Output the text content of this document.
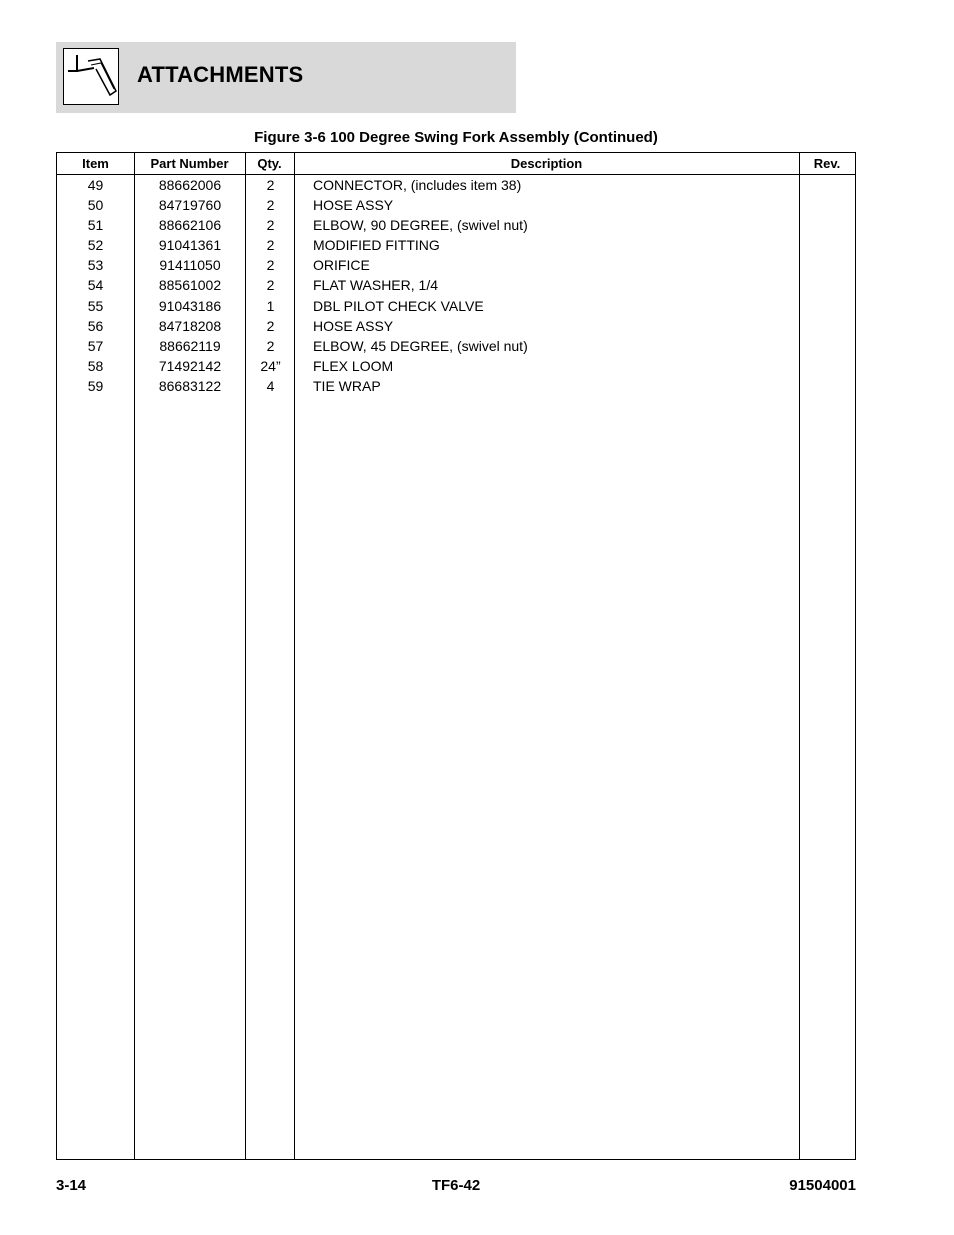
ATTACHMENTS
Figure 3-6 100 Degree Swing Fork Assembly (Continued)
Item	Part Number	Qty.	Description	Rev.
49	88662006	2	CONNECTOR, (includes item 38)
50	84719760	2	HOSE ASSY
51	88662106	2	ELBOW, 90 DEGREE, (swivel nut)
52	91041361	2	MODIFIED FITTING
53	91411050	2	ORIFICE
54	88561002	2	FLAT WASHER, 1/4
55	91043186	1	DBL PILOT CHECK VALVE
56	84718208	2	HOSE ASSY
57	88662119	2	ELBOW, 45 DEGREE, (swivel nut)
58	71492142	24”	FLEX LOOM
59	86683122	4	TIE WRAP
3-14	TF6-42	91504001
